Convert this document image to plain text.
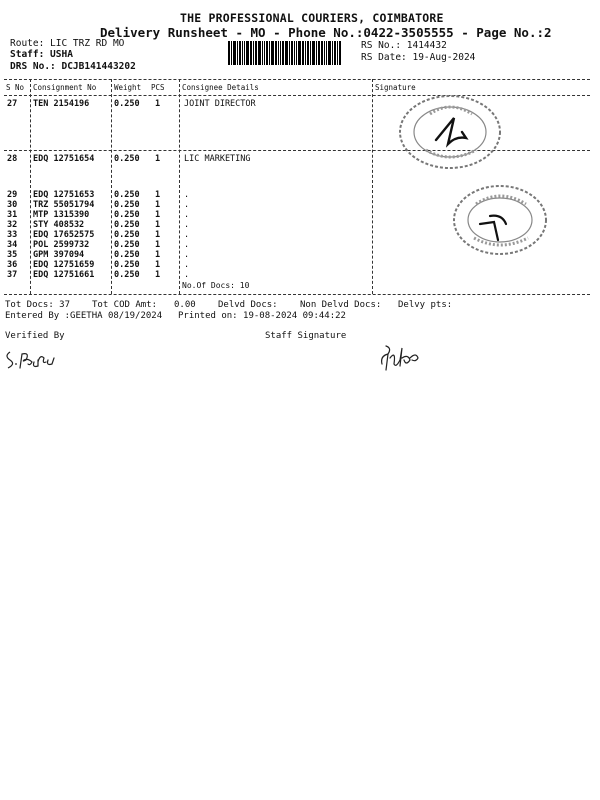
THE PROFESSIONAL COURIERS, COIMBATORE
Delivery Runsheet - MO - Phone No.:0422-3505555 - Page No.:2
Route: LIC TRZ RD MO
Staff: USHA
DRS No.: DCJB141443202
RS No.: 1414432
RS Date: 19-Aug-2024
S No Consignment No Weight PCS Consignee Details	Signature
27 TEN 2154196	0.250 1	JOINT DIRECTOR
28 EDQ 12751654 0.250 1	LIC MARKETING
29 EDQ 12751653 0.250 1	.
30 TRZ 55051794 0.250 1	.
31 MTP 1315390	0.250 1	.
32 STY 408532	0.250 1	.
33 EDQ 17652575 0.250 1	.
34 POL 2599732	0.250 1	.
35 GPM 397094	0.250 1	.
36 EDQ 12751659 0.250 1	.
37 EDQ 12751661 0.250 1	.
No.Of Docs: 10
Tot Docs: 37 Tot COD Amt: 0.00 Delvd Docs: Non Delvd Docs: Delvy pts:
Entered By :GEETHA 08/19/2024 Printed on: 19-08-2024 09:44:22
Verified By	Staff Signature
